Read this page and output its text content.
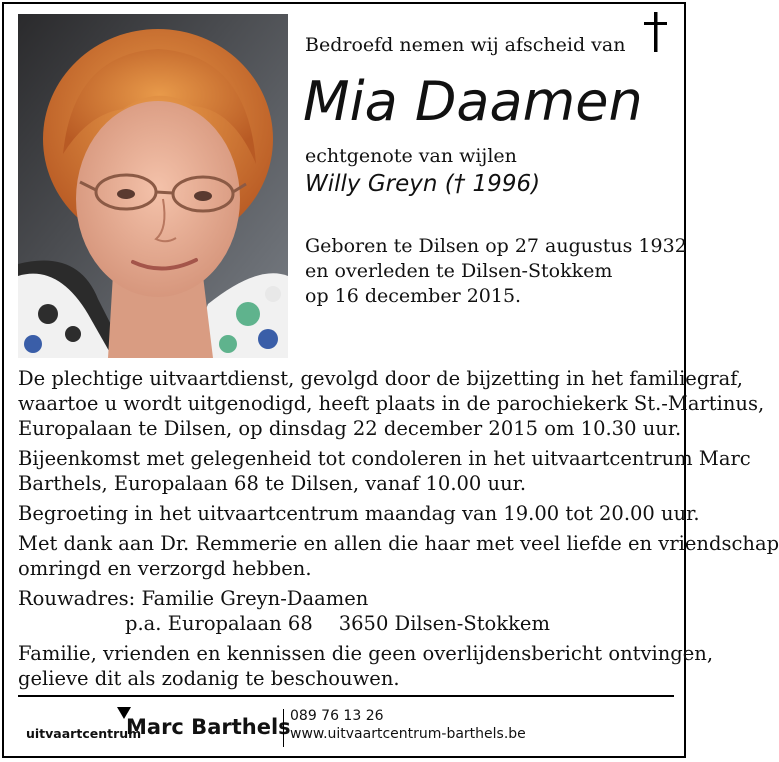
Bedroefd nemen wij afscheid van
Mia Daamen
echtgenote van wijlen
Willy Greyn († 1996)
Geboren te Dilsen op 27 augustus 1932
en overleden te Dilsen-Stokkem
op 16 december 2015.

De plechtige uitvaartdienst, gevolgd door de bijzetting in het familiegraf,
waartoe u wordt uitgenodigd, heeft plaats in de parochiekerk St.-Martinus,
Europalaan te Dilsen, op dinsdag 22 december 2015 om 10.30 uur.

Bijeenkomst met gelegenheid tot condoleren in het uitvaartcentrum Marc
Barthels, Europalaan 68 te Dilsen, vanaf 10.00 uur.

Begroeting in het uitvaartcentrum maandag van 19.00 tot 20.00 uur.

Met dank aan Dr. Remmerie en allen die haar met veel liefde en vriendschap
omringd en verzorgd hebben.

Rouwadres: Familie Greyn-Daamen
p.a. Europalaan 68 3650 Dilsen-Stokkem

Familie, vrienden en kennissen die geen overlijdensbericht ontvingen,
gelieve dit als zodanig te beschouwen.

uitvaartcentrum
Marc Barthels 089 76 13 26
www.uitvaartcentrum-barthels.be
